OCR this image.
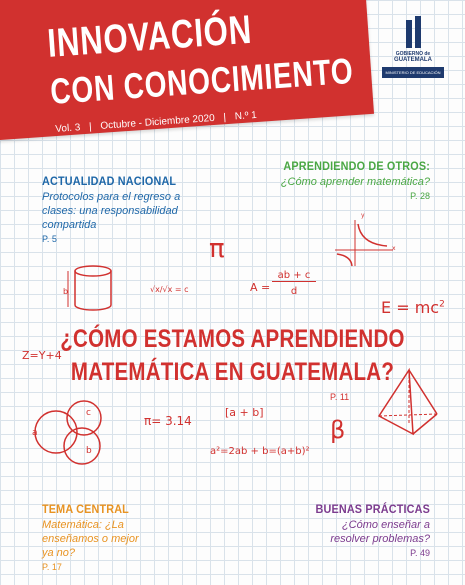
INNOVACIÓN
CON CONOCIMIENTO
Vol. 3 | Octubre - Diciembre 2020 | N.º 1
GOBIERNO de
GUATEMALA
MINISTERIO DE EDUCACIÓN
ACTUALIDAD NACIONAL
Protocolos para el regreso a clases: una responsabilidad compartida
P. 5
APRENDIENDO DE OTROS:
¿Cómo aprender matemática?
P. 28
b	√x/√x = c
π
A =
ab + c
d
y
x
$E = mc^2$
¿CÓMO ESTAMOS APRENDIENDO
MATEMÁTICA EN GUATEMALA?
P. 11
Z=Y+4
a
c
b
π= 3.14
[a + b]
β
a²=2ab + b=(a+b)²
TEMA CENTRAL
Matemática: ¿La enseñamos o mejor ya no?
P. 17
BUENAS PRÁCTICAS
¿Cómo enseñar a resolver problemas?
P. 49
